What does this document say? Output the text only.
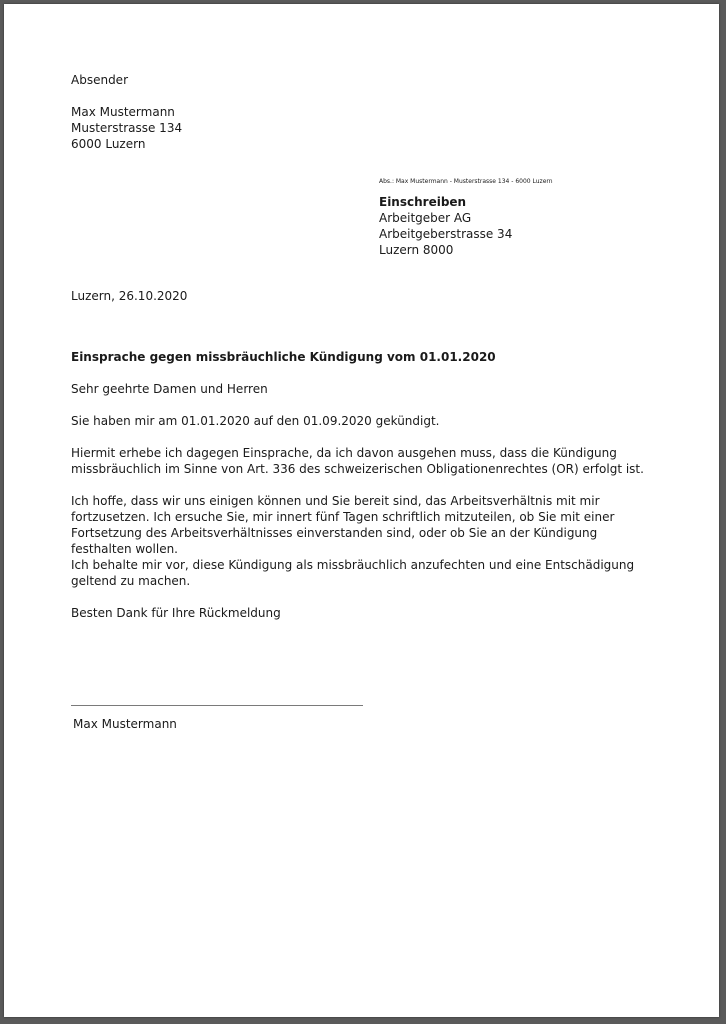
Absender

Max Mustermann

Musterstrasse 134

6000 Luzern

Abs.: Max Mustermann - Musterstrasse 134 - 6000 Luzern

Einschreiben

Arbeitgeber AG

Arbeitgeberstrasse 34

Luzern 8000

Luzern, 26.10.2020

Einsprache gegen missbräuchliche Kündigung vom 01.01.2020

Sehr geehrte Damen und Herren

Sie haben mir am 01.01.2020 auf den 01.09.2020 gekündigt.

Hiermit erhebe ich dagegen Einsprache, da ich davon ausgehen muss, dass die Kündigung missbräuchlich im Sinne von Art. 336 des schweizerischen Obligationenrechtes (OR) erfolgt ist.

Ich hoffe, dass wir uns einigen können und Sie bereit sind, das Arbeitsverhältnis mit mir fortzusetzen. Ich ersuche Sie, mir innert fünf Tagen schriftlich mitzuteilen, ob Sie mit einer Fortsetzung des Arbeitsverhältnisses einverstanden sind, oder ob Sie an der Kündigung festhalten wollen.

Ich behalte mir vor, diese Kündigung als missbräuchlich anzufechten und eine Entschädigung geltend zu machen.

Besten Dank für Ihre Rückmeldung

Max Mustermann
